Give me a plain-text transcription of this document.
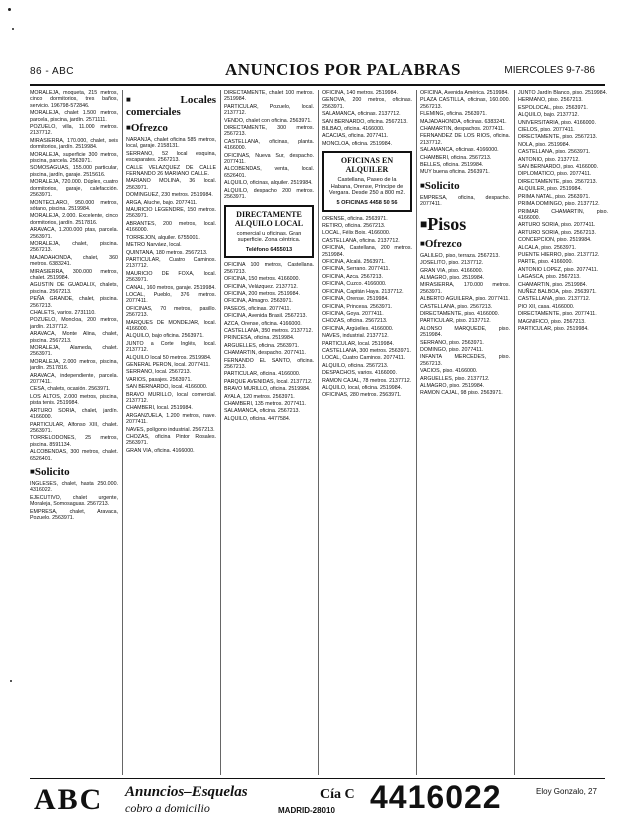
86 - ABC	ANUNCIOS POR PALABRAS	MIERCOLES 9-7-86
MORALEJA, moqueta, 215 metros, cinco dormitorios, tres baños, servicio. 196798-572846.
MORALEJA, chalet 1.500 metros, parcela, piscina, jardín. 2571111.
POZUELO, villa, 11.000 metros. 2137712.
MIRASIERRA, 170.000, chalet, seis dormitorios, jardín. 2519984.
MORALEJA, superficie 300 metros, piscina, parcela. 2563971.
SOMOSAGUAS, 155.000 particular, piscina, jardín, garaje. 2515616.
MORALEJA, 720.000. Dúplex, cuatro dormitorios, garaje, calefacción. 2563971.
MONTECLARO, 950.000 metros, sótano, piscina. 2519984.
MORALEJA, 2.000. Excelente, cinco dormitorios, jardín. 2517816.
ARAVACA, 1.200.000 ptas, parcela. 2563971.
MORALEJA, chalet, piscina. 2567213.
MAJADAHONDA, chalet, 360 metros. 6383241.
MIRASIERRA, 300.000 metros, chalet. 2519984.
AGUSTIN DE GUADALIX, chalets, piscina. 2567213.
PEÑA GRANDE, chalet, piscina. 2567213.
CHALETS, varios. 2731110.
POZUELO, Moncloa, 200 metros, jardín. 2137712.
ARAVACA, Monte Alina, chalet, piscina. 2567213.
MORALEJA, Alameda, chalet. 2563971.
MORALEJA, 2.000 metros, piscina, jardín. 2517816.
ARAVACA, independiente, parcela. 2077411.
CESA, chalets, ocasión. 2563971.
LOS ALTOS, 2.000 metros, piscina, pista tenis. 2519984.
ARTURO SORIA, chalet, jardín. 4166000.
PARTICULAR, Alfonso XIII, chalet. 2563971.
TORRELODONES, 25 metros, piscina. 8591134.
ALCOBENDAS, 300 metros, chalet. 6526401.
■ Solicito
INGLESES, chalet, hasta 250.000. 4316022.
EJECUTIVO, chalet urgente, Moraleja, Somosaguas. 2567213.
EMPRESA, chalet, Aravaca, Pozuelo. 2563971.
■ Locales comerciales
■ Ofrezco
NARANJA, chalet oficina 585 metros, local, garaje. 2158131.
SERRANO, 52 local esquina, escaparates. 2567213.
CALLE VELAZQUEZ DE CALLE FERNANDO 26 MARIANO CALLE.
MARIANO MOLINA, 36 local. 2563971.
DOMINGUEZ, 230 metros. 2519984.
ARGA, Aluche, bajo. 2077411.
MAURICIO LEGENDRE, 150 metros. 2563971.
ABRANTES, 200 metros, local. 4166000.
TORREJON, alquiler. 6755001.
METRO Narváez, local.
QUINTANA, 180 metros. 2567213.
PARTICULAR, Cuatro Caminos. 2137712.
MAURICIO DE FOXA, local. 2563971.
CANAL, 160 metros, garaje. 2519984.
LOCAL, Pueblo, 376 metros. 2077411.
OFICINAS, 70 metros, pasillo. 2567213.
MARQUES DE MONDEJAR, local. 4166000.
ALQUILO, bajo oficina. 2563971.
JUNTO a Corte Inglés, local. 2137712.
ALQUILO local 50 metros. 2519984.
GENERAL PERON, local. 2077411.
SERRANO, local. 2567213.
VARIOS, pasajes. 2563971.
SAN BERNARDO, local. 4166000.
BRAVO MURILLO, local comercial. 2137712.
CHAMBERI, local. 2519984.
ARGANZUELA, 1.200 metros, nave. 2077411.
NAVES, polígono industrial. 2567213.
CHOZAS, oficina Pintor Rosales. 2563971.
GRAN VIA, oficina. 4166000.
DIRECTAMENTE, chalet 100 metros. 2519984.
PARTICULAR, Pozuelo, local. 2137712.
VENDO, chalet con oficina. 2563971.
DIRECTAMENTE, 300 metros. 2567213.
CASTELLANA, oficinas, planta. 4166000.
OFICINAS, Nueva Sur, despacho. 2077411.
ALCOBENDAS, venta, local. 6526401.
ALQUILO, oficinas, alquiler. 2519984.
ALQUILO, despacho 200 metros. 2563971.
DIRECTAMENTE ALQUILO LOCAL
comercial u oficinas. Gran superficie. Zona céntrica.
Teléfono 6455013
OFICINA 100 metros, Castellana. 2567213.
OFICINA, 150 metros. 4166000.
OFICINA, Velázquez. 2137712.
OFICINA, 200 metros. 2519984.
OFICINA, Almagro. 2563971.
PASEOS, oficinas. 2077411.
OFICINA, Avenida Brasil. 2567213.
AZCA, Orense, oficina. 4166000.
CASTELLANA, 350 metros. 2137712.
PRINCESA, oficina. 2519984.
ARGUELLES, oficina. 2563971.
CHAMARTIN, despacho. 2077411.
FERNANDO EL SANTO, oficina. 2567213.
PARTICULAR, oficina. 4166000.
PARQUE AVENIDAS, local. 2137712.
BRAVO MURILLO, oficina. 2519984.
AYALA, 120 metros. 2563971.
CHAMBERI, 135 metros. 2077411.
SALAMANCA, oficina. 2567213.
ALQUILO, oficina. 4477584.
OFICINA, 140 metros. 2519984.
GENOVA, 200 metros, oficinas. 2563971.
SALAMANCA, oficinas. 2137712.
SAN BERNARDO, oficina. 2567213.
BILBAO, oficina. 4166000.
ACACIAS, oficina. 2077411.
MONCLOA, oficina. 2519984.
OFICINAS EN ALQUILER
Castellana, Paseo de la Habana, Orense, Príncipe de Vergara. Desde 250 a 800 m2.
5 OFICINAS 4458 50 56
ORENSE, oficina. 2563971.
RETIRO, oficina. 2567213.
LOCAL, Félix Boix. 4166000.
CASTELLANA, oficina. 2137712.
OFICINA, Castellana, 200 metros. 2519984.
OFICINA, Alcalá. 2563971.
OFICINA, Serrano. 2077411.
OFICINA, Azca. 2567213.
OFICINA, Cuzco. 4166000.
OFICINA, Capitán Haya. 2137712.
OFICINA, Orense. 2519984.
OFICINA, Princesa. 2563971.
OFICINA, Goya. 2077411.
CHOZAS, oficina. 2567213.
OFICINA, Argüelles. 4166000.
NAVES, industrial. 2137712.
PARTICULAR, local. 2519984.
CASTELLANA, 300 metros. 2563971.
LOCAL, Cuatro Caminos. 2077411.
ALQUILO, oficina. 2567213.
DESPACHOS, varios. 4166000.
RAMON CAJAL, 78 metros. 2137712.
ALQUILO, local, oficina. 2519984.
OFICINAS, 280 metros. 2563971.
OFICINA, Avenida América. 2519984.
PLAZA CASTILLA, oficinas, 160.000. 2567213.
FLEMING, oficina. 2563971.
MAJADAHONDA, oficinas. 6383241.
CHAMARTIN, despachos. 2077411.
FERNANDEZ DE LOS RIOS, oficina. 2137712.
SALAMANCA, oficinas. 4166000.
CHAMBERI, oficina. 2567213.
BELLES, oficina. 2519984.
MUY buena oficina. 2563971.
■ Solicito
EMPRESA, oficina, despacho. 2077411.
■ Pisos
■ Ofrezco
GALILEO, piso, terraza. 2567213.
JOSELITO, piso. 2137712.
GRAN VIA, piso. 4166000.
ALMAGRO, piso. 2519984.
MIRASIERRA, 170.000 metros. 2563971.
ALBERTO AGUILERA, piso. 2077411.
CASTELLANA, piso. 2567213.
DIRECTAMENTE, piso. 4166000.
PARTICULAR, piso. 2137712.
ALONSO MARQUEDE, piso. 2519984.
SERRANO, piso. 2563971.
DOMINGO, piso. 2077411.
INFANTA MERCEDES, piso. 2567213.
VACIOS, piso. 4166000.
ARGUELLES, piso. 2137712.
ALMAGRO, piso. 2519984.
RAMON CAJAL, 98 piso. 2563971.
JUNTO Jardín Blanco, piso. 2519984.
HERMANO, piso. 2567213.
ESPOLOCAL, piso. 2563971.
ALQUILO, bajo. 2137712.
UNIVERSITARIA, piso. 4166000.
CIELOS, piso. 2077411.
DIRECTAMENTE, piso. 2567213.
NOLA, piso. 2519984.
CASTELLANA, piso. 2563971.
ANTONIO, piso. 2137712.
SAN BERNARDO, piso. 4166000.
DIPLOMATICO, piso. 2077411.
DIRECTAMENTE, piso. 2567213.
ALQUILER, piso. 2519984.
PRIMA NATAL, piso. 2563971.
PRIMA DOMINGO, piso. 2137712.
PRIMAR CHAMARTIN, piso. 4166000.
ARTURO SORIA, piso. 2077411.
ARTURO SORIA, piso. 2567213.
CONCEPCION, piso. 2519984.
ALCALA, piso. 2563971.
PUENTE HIERRO, piso. 2137712.
PARTE, piso. 4166000.
ANTONIO LOPEZ, piso. 2077411.
LAGASCA, piso. 2567213.
CHAMARTIN, piso. 2519984.
NUÑEZ BALBOA, piso. 2563971.
CASTELLANA, piso. 2137712.
PIO XII, casa. 4166000.
DIRECTAMENTE, piso. 2077411.
MAGNIFICO, piso. 2567213.
PARTICULAR, piso. 2519984.
ABC Anuncios–Esquelas
cobro a domicilio	MADRID-28010
Cía C 4416022	Eloy Gonzalo, 27
